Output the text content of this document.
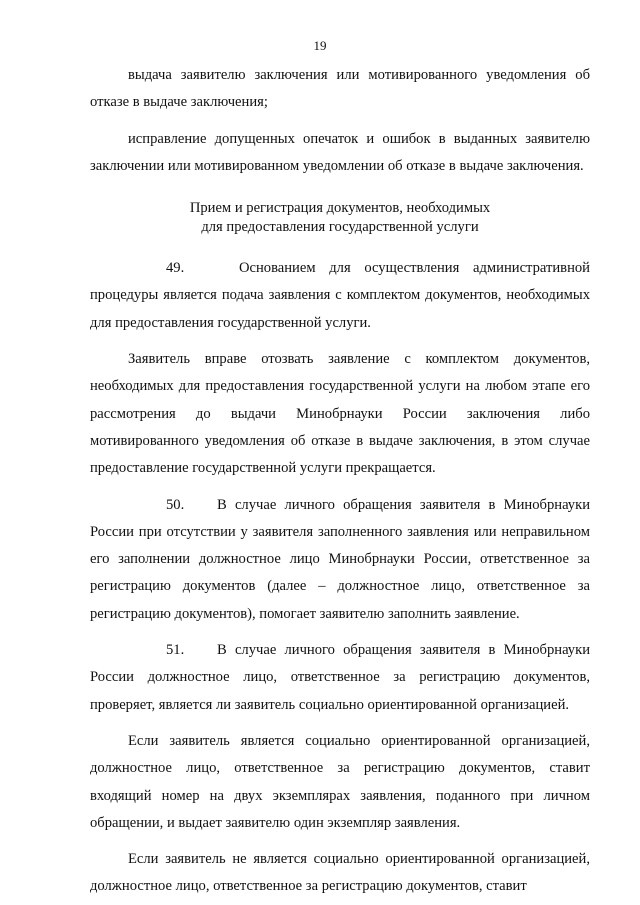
19

выдача заявителю заключения или мотивированного уведомления об отказе в выдаче заключения;

исправление допущенных опечаток и ошибок в выданных заявителю заключении или мотивированном уведомлении об отказе в выдаче заключения.

Прием и регистрация документов, необходимых
для предоставления государственной услуги

49.	Основанием для осуществления административной процедуры является подача заявления с комплектом документов, необходимых для предоставления государственной услуги.

Заявитель вправе отозвать заявление с комплектом документов, необходимых для предоставления государственной услуги на любом этапе его рассмотрения до выдачи Минобрнауки России заключения либо мотивированного уведомления об отказе в выдаче заключения, в этом случае предоставление государственной услуги прекращается.

50. В случае личного обращения заявителя в Минобрнауки России при отсутствии у заявителя заполненного заявления или неправильном его заполнении должностное лицо Минобрнауки России, ответственное за регистрацию документов (далее – должностное лицо, ответственное за регистрацию документов), помогает заявителю заполнить заявление.

51. В случае личного обращения заявителя в Минобрнауки России должностное лицо, ответственное за регистрацию документов, проверяет, является ли заявитель социально ориентированной организацией.

Если заявитель является социально ориентированной организацией, должностное лицо, ответственное за регистрацию документов, ставит входящий номер на двух экземплярах заявления, поданного при личном обращении, и выдает заявителю один экземпляр заявления.

Если заявитель не является социально ориентированной организацией, должностное лицо, ответственное за регистрацию документов, ставит
